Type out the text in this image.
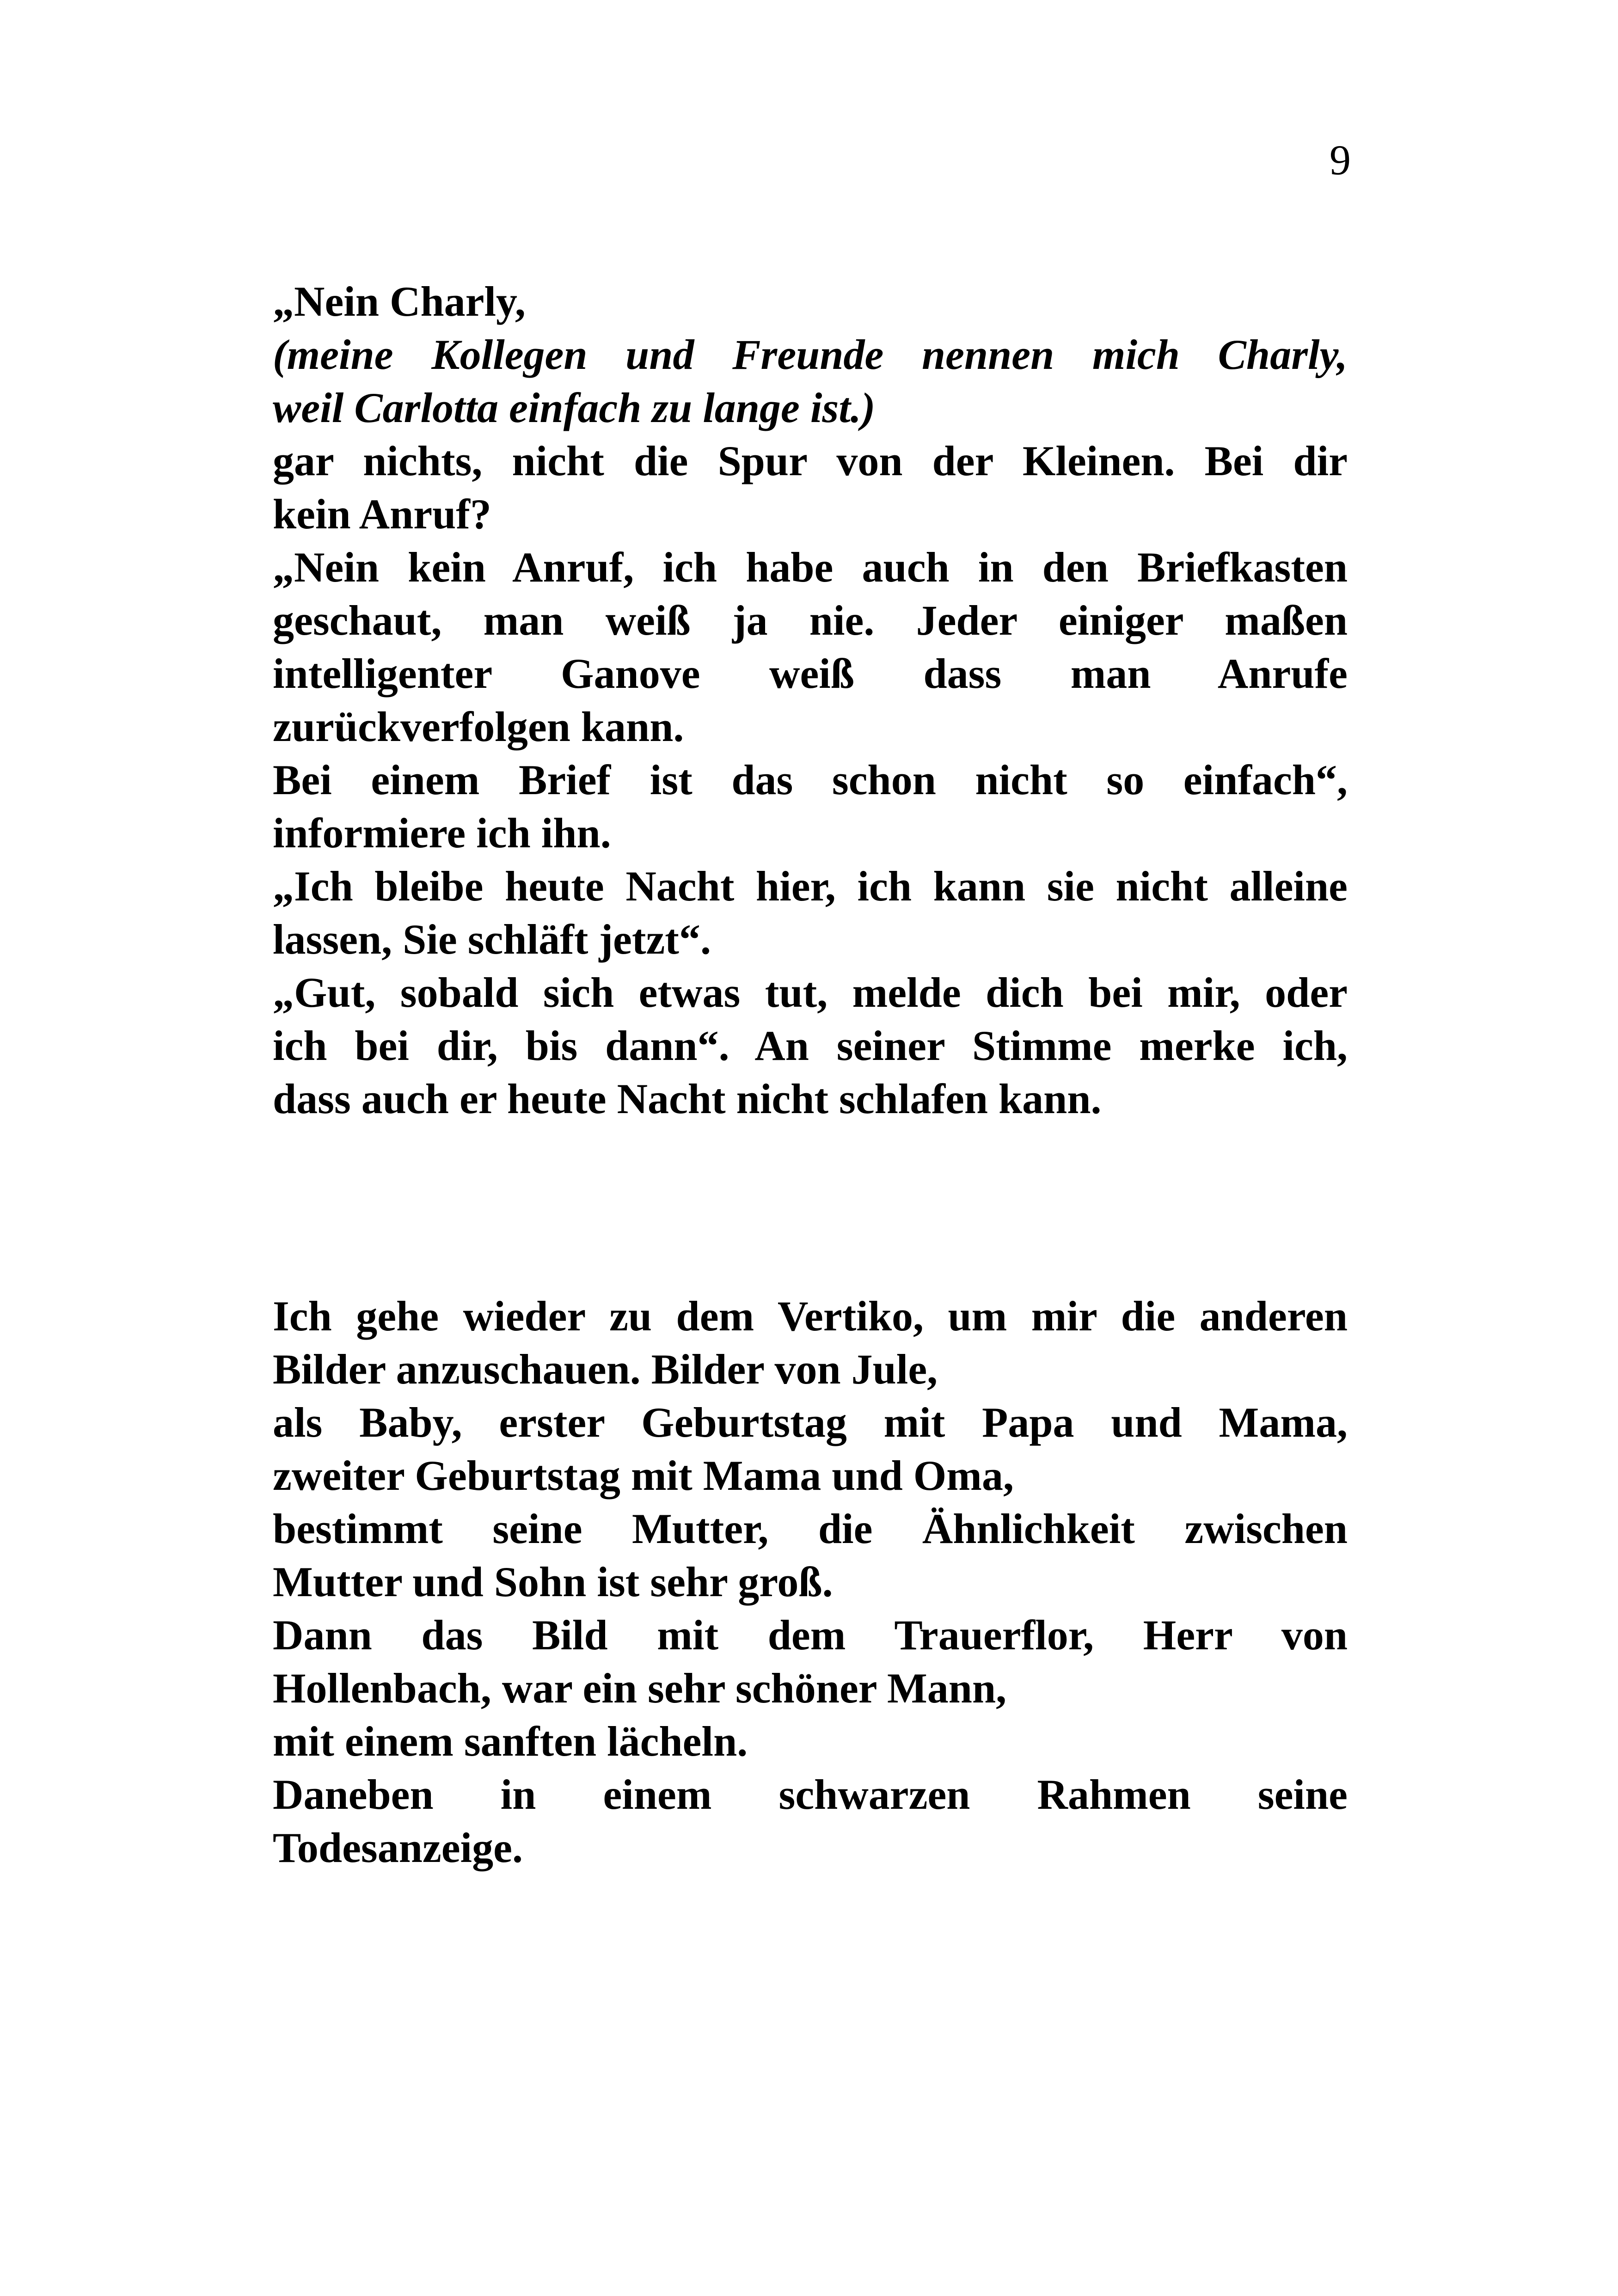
9
„Nein Charly,
(meine Kollegen und Freunde nennen mich Charly,
weil Carlotta einfach zu lange ist.)
gar nichts, nicht die Spur von der Kleinen. Bei dir
kein Anruf?
„Nein kein Anruf, ich habe auch in den Briefkasten
geschaut, man weiß ja nie. Jeder einiger maßen
intelligenter Ganove weiß dass man Anrufe
zurückverfolgen kann.
Bei einem Brief ist das schon nicht so einfach“,
informiere ich ihn.
„Ich bleibe heute Nacht hier, ich kann sie nicht alleine
lassen, Sie schläft jetzt“.
„Gut, sobald sich etwas tut, melde dich bei mir, oder
ich bei dir, bis dann“. An seiner Stimme merke ich,
dass auch er heute Nacht nicht schlafen kann.
Ich gehe wieder zu dem Vertiko, um mir die anderen
Bilder anzuschauen. Bilder von Jule,
als Baby, erster Geburtstag mit Papa und Mama,
zweiter Geburtstag mit Mama und Oma,
bestimmt seine Mutter, die Ähnlichkeit zwischen
Mutter und Sohn ist sehr groß.
Dann das Bild mit dem Trauerflor, Herr von
Hollenbach, war ein sehr schöner Mann,
mit einem sanften lächeln.
Daneben in einem schwarzen Rahmen seine
Todesanzeige.
